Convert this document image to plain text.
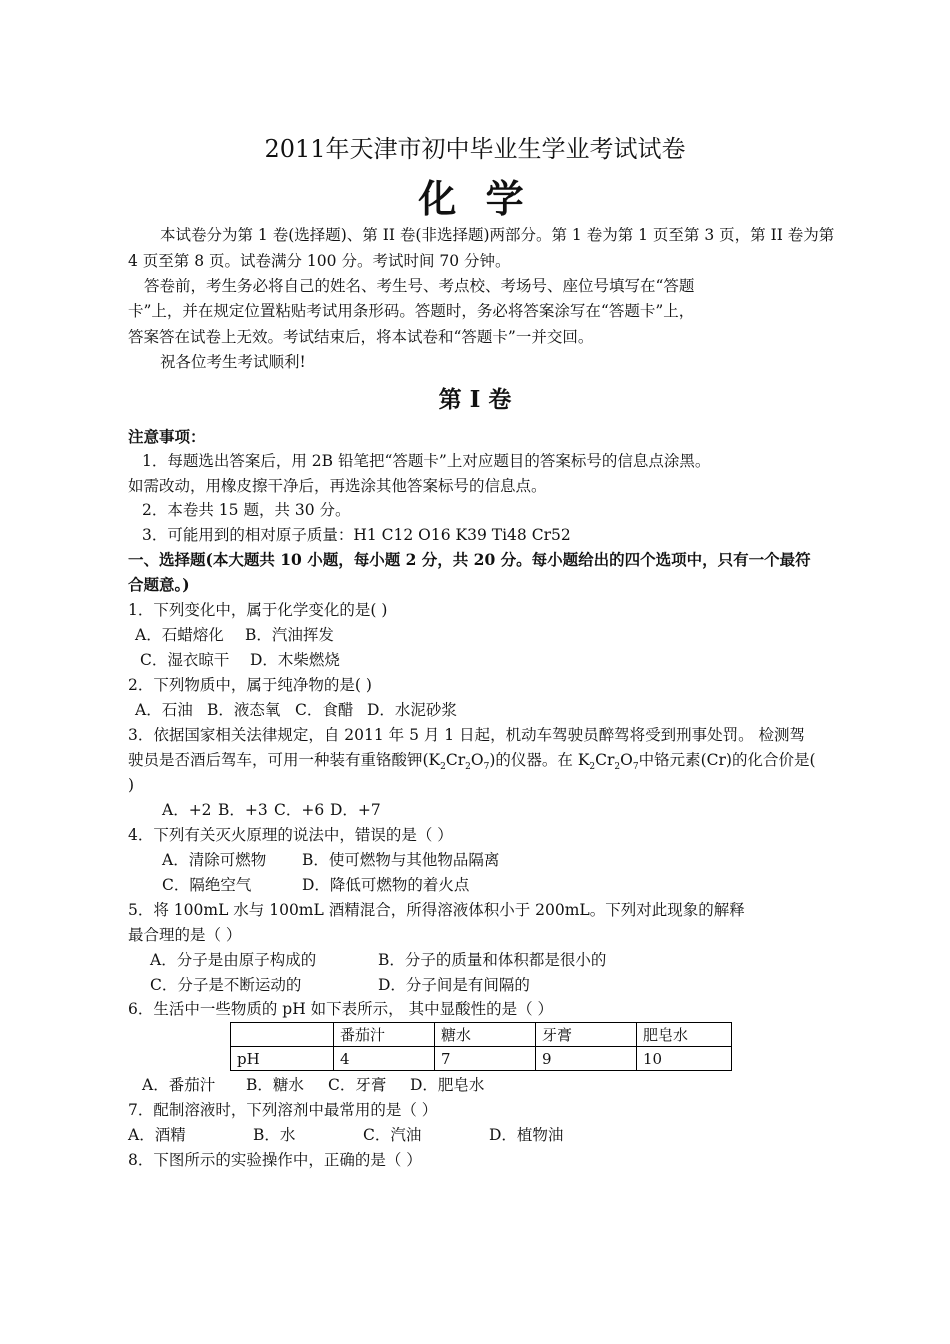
2011年天津市初中毕业生学业考试试卷
化 学
本试卷分为第 1 卷(选择题)、第 II 卷(非选择题)两部分。第 1 卷为第 1 页至第 3 页，第 II 卷为第
4 页至第 8 页。试卷满分 100 分。考试时间 70 分钟。
答卷前，考生务必将自己的姓名、考生号、考点校、考场号、座位号填写在“答题
卡”上，并在规定位置粘贴考试用条形码。答题时，务必将答案涂写在“答题卡”上，
答案答在试卷上无效。考试结束后，将本试卷和“答题卡”一并交回。
祝各位考生考试顺利!
第 I 卷
注意事项：
1．每题选出答案后，用 2B 铅笔把“答题卡”上对应题目的答案标号的信息点涂黑。
如需改动，用橡皮擦干净后，再选涂其他答案标号的信息点。
2．本卷共 15 题，共 30 分。
3．可能用到的相对原子质量：H1 C12 O16 K39 Ti48 Cr52
一、选择题(本大题共 10 小题，每小题 2 分，共 20 分。每小题给出的四个选项中，只有一个最符
合题意。)
1．下列变化中，属于化学变化的是( )
A．石蜡熔化 B．汽油挥发
C．湿衣晾干 D．木柴燃烧
2．下列物质中，属于纯净物的是( )
A．石油 B．液态氧 C．食醋 D．水泥砂浆
3．依据国家相关法律规定，自 2011 年 5 月 1 日起，机动车驾驶员醉驾将受到刑事处罚。 检测驾
驶员是否酒后驾车，可用一种装有重铬酸钾$(K_2Cr_2O_7)$的仪器。在 $K_2Cr_2O_7$中铬元素(Cr)的化合价是(
)
A．+2 B．+3 C．+6 D．+7
4．下列有关灭火原理的说法中，错误的是（ ）
A．清除可燃物 B．使可燃物与其他物品隔离
C．隔绝空气	D．降低可燃物的着火点
5．将 100mL 水与 100mL 酒精混合，所得溶液体积小于 200mL。下列对此现象的解释
最合理的是（ ）
A．分子是由原子构成的	B．分子的质量和体积都是很小的
C．分子是不断运动的	D．分子间是有间隔的
6．生活中一些物质的 pH 如下表所示， 其中显酸性的是（ ）
	番茄汁	糖水	牙膏	肥皂水
pH	4	7	9	10
A．番茄汁 B．糖水 C．牙膏 D．肥皂水
7．配制溶液时，下列溶剂中最常用的是（ ）
A．酒精	B．水	C．汽油	D．植物油
8．下图所示的实验操作中，正确的是（ ）
